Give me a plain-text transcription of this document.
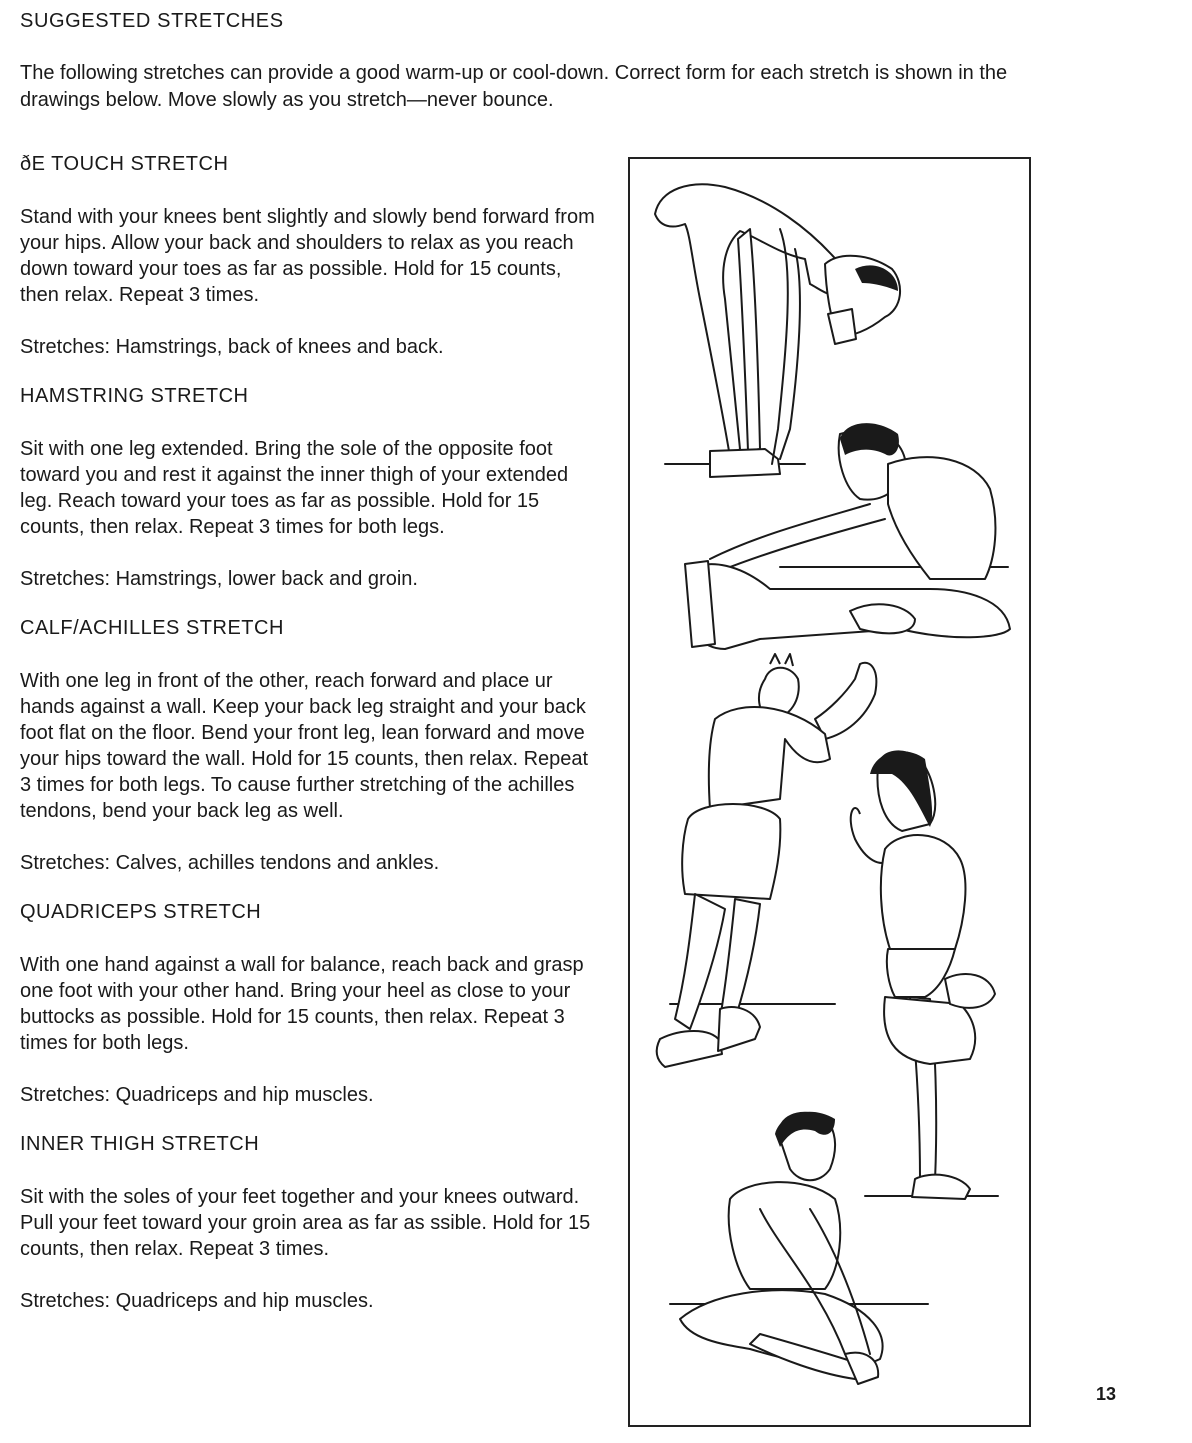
SUGGESTED STRETCHES

The following stretches can provide a good warm-up or cool-down. Correct form for each stretch is shown in the drawings below. Move slowly as you stretch—never bounce.

ðE TOUCH STRETCH

Stand with your knees bent slightly and slowly bend forward from your hips. Allow your back and shoulders to relax as you reach down toward your toes as far as possible. Hold for 15 counts, then relax. Repeat 3 times.

Stretches: Hamstrings, back of knees and back.

HAMSTRING STRETCH

Sit with one leg extended. Bring the sole of the opposite foot toward you and rest it against the inner thigh of your extended leg. Reach toward your toes as far as possible. Hold for 15 counts, then relax. Repeat 3 times for both legs.

Stretches: Hamstrings, lower back and groin.

CALF/ACHILLES STRETCH

With one leg in front of the other, reach forward and place ur hands against a wall. Keep your back leg straight and your back foot flat on the floor. Bend your front leg, lean forward and move your hips toward the wall. Hold for 15 counts, then relax. Repeat 3 times for both legs. To cause further stretching of the achilles tendons, bend your back leg as well.

Stretches: Calves, achilles tendons and ankles.

QUADRICEPS STRETCH

With one hand against a wall for balance, reach back and grasp one foot with your other hand. Bring your heel as close to your buttocks as possible. Hold for 15 counts, then relax. Repeat 3 times for both legs.

Stretches: Quadriceps and hip muscles.

INNER THIGH STRETCH

Sit with the soles of your feet together and your knees outward. Pull your feet toward your groin area as far as ssible. Hold for 15 counts, then relax. Repeat 3 times.

Stretches: Quadriceps and hip muscles.

13
